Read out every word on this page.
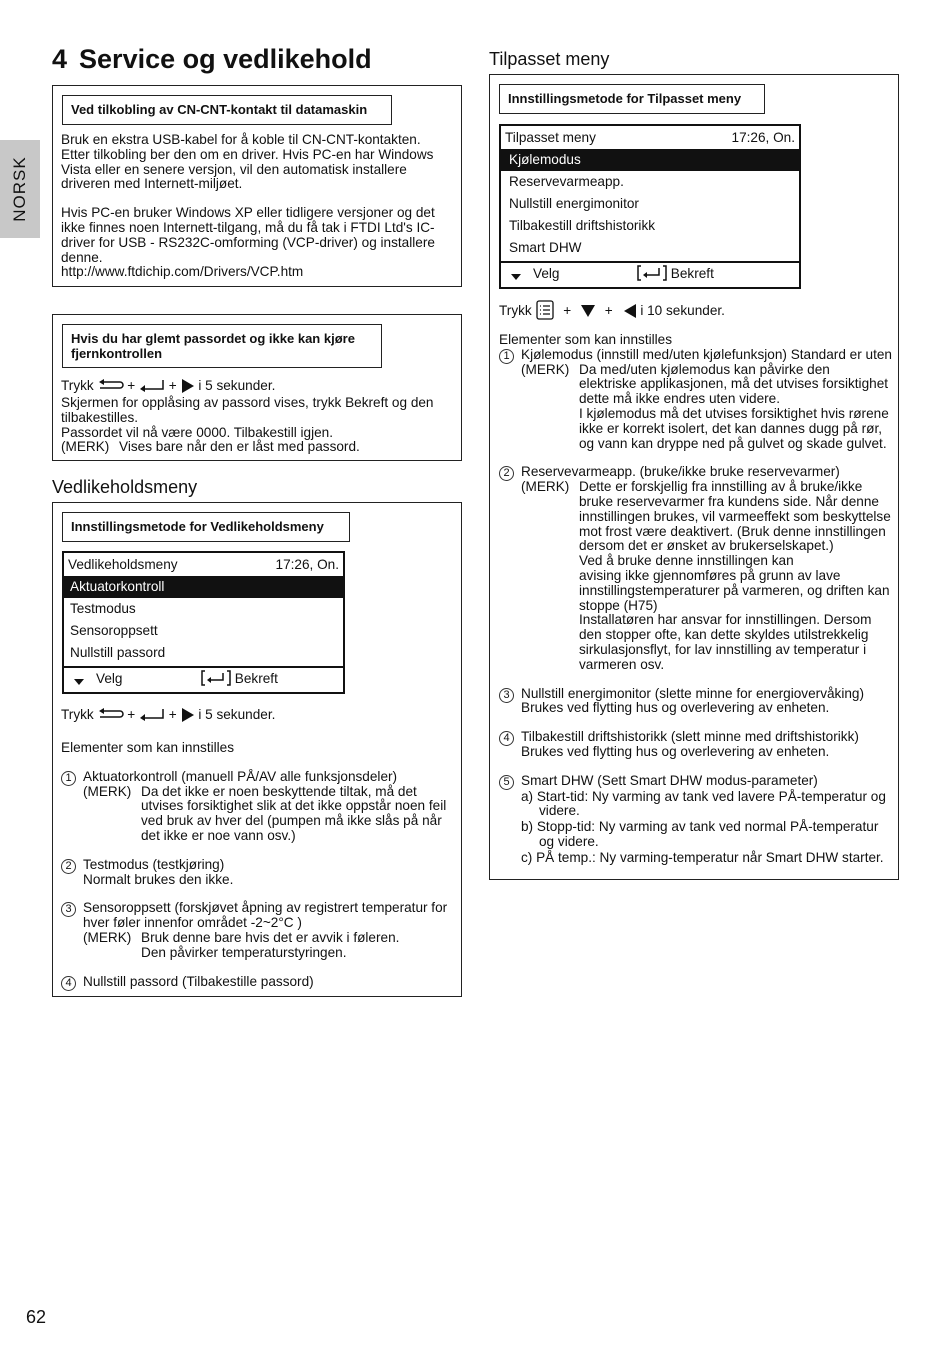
NORSK
4 Service og vedlikehold
Ved tilkobling av CN-CNT-kontakt til datamaskin

Bruk en ekstra USB-kabel for å koble til CN-CNT-kontakten.

Etter tilkobling ber den om en driver. Hvis PC-en har Windows

Vista eller en senere versjon, vil den automatisk installere

driveren med Internett-miljøet.

Hvis PC-en bruker Windows XP eller tidligere versjoner og det

ikke finnes noen Internett-tilgang, må du få tak i FTDI Ltd's IC-

driver for USB - RS232C-omforming (VCP-driver) og installere

denne.

http://www.ftdichip.com/Drivers/VCP.htm

Hvis du har glemt passordet og ikke kan kjøre
fjernkontrollen
Trykk + + i 5 sekunder.

Skjermen for opplåsing av passord vises, trykk Bekreft og den

tilbakestilles.

Passordet vil nå være 0000. Tilbakestill igjen.

(MERK) Vises bare når den er låst med passord.

Vedlikeholdsmeny
Innstillingsmetode for Vedlikeholdsmeny
Vedlikeholdsmeny	17:26, On.
Aktuatorkontroll
Testmodus
Sensoroppsett
Nullstill passord
Velg	Bekreft
Trykk + + i 5 sekunder.

Elementer som kan innstilles

1 Aktuatorkontroll (manuell PÅ/AV alle funksjonsdeler)

(MERK) Da det ikke er noen beskyttende tiltak, må det

utvises forsiktighet slik at det ikke oppstår noen feil

ved bruk av hver del (pumpen må ikke slås på når

det ikke er noe vann osv.)

2 Testmodus (testkjøring)

Normalt brukes den ikke.

3 Sensoroppsett (forskjøvet åpning av registrert temperatur for

hver føler innenfor området -2~2°C )

(MERK) Bruk denne bare hvis det er avvik i føleren.

Den påvirker temperaturstyringen.

4 Nullstill passord (Tilbakestille passord)

Tilpasset meny
Innstillingsmetode for Tilpasset meny
Tilpasset meny	17:26, On.
Kjølemodus
Reservevarmeapp.
Nullstill energimonitor
Tilbakestill driftshistorikk
Smart DHW
Velg	Bekreft
Trykk + + i 10 sekunder.

Elementer som kan innstilles

1 Kjølemodus (innstill med/uten kjølefunksjon) Standard er uten

(MERK) Da med/uten kjølemodus kan påvirke den

elektriske applikasjonen, må det utvises forsiktighet

dette må ikke endres uten videre.

I kjølemodus må det utvises forsiktighet hvis rørene

ikke er korrekt isolert, det kan dannes dugg på rør,

og vann kan dryppe ned på gulvet og skade gulvet.

2 Reservevarmeapp. (bruke/ikke bruke reservevarmer)

(MERK) Dette er forskjellig fra innstilling av å bruke/ikke

bruke reservevarmer fra kundens side. Når denne

innstillingen brukes, vil varmeeffekt som beskyttelse

mot frost være deaktivert. (Bruk denne innstillingen

dersom det er ønsket av brukerselskapet.)

Ved å bruke denne innstillingen kan

avising ikke gjennomføres på grunn av lave

innstillingstemperaturer på varmeren, og driften kan

stoppe (H75)

Installatøren har ansvar for innstillingen. Dersom

den stopper ofte, kan dette skyldes utilstrekkelig

sirkulasjonsflyt, for lav innstilling av temperatur i

varmeren osv.

3 Nullstill energimonitor (slette minne for energiovervåking)

Brukes ved flytting hus og overlevering av enheten.

4 Tilbakestill driftshistorikk (slett minne med driftshistorikk)

Brukes ved flytting hus og overlevering av enheten.

5 Smart DHW (Sett Smart DHW modus-parameter)

a) Start-tid: Ny varming av tank ved lavere PÅ-temperatur og

videre.

b) Stopp-tid: Ny varming av tank ved normal PÅ-temperatur

og videre.

c) PÅ temp.: Ny varming-temperatur når Smart DHW starter.

62
